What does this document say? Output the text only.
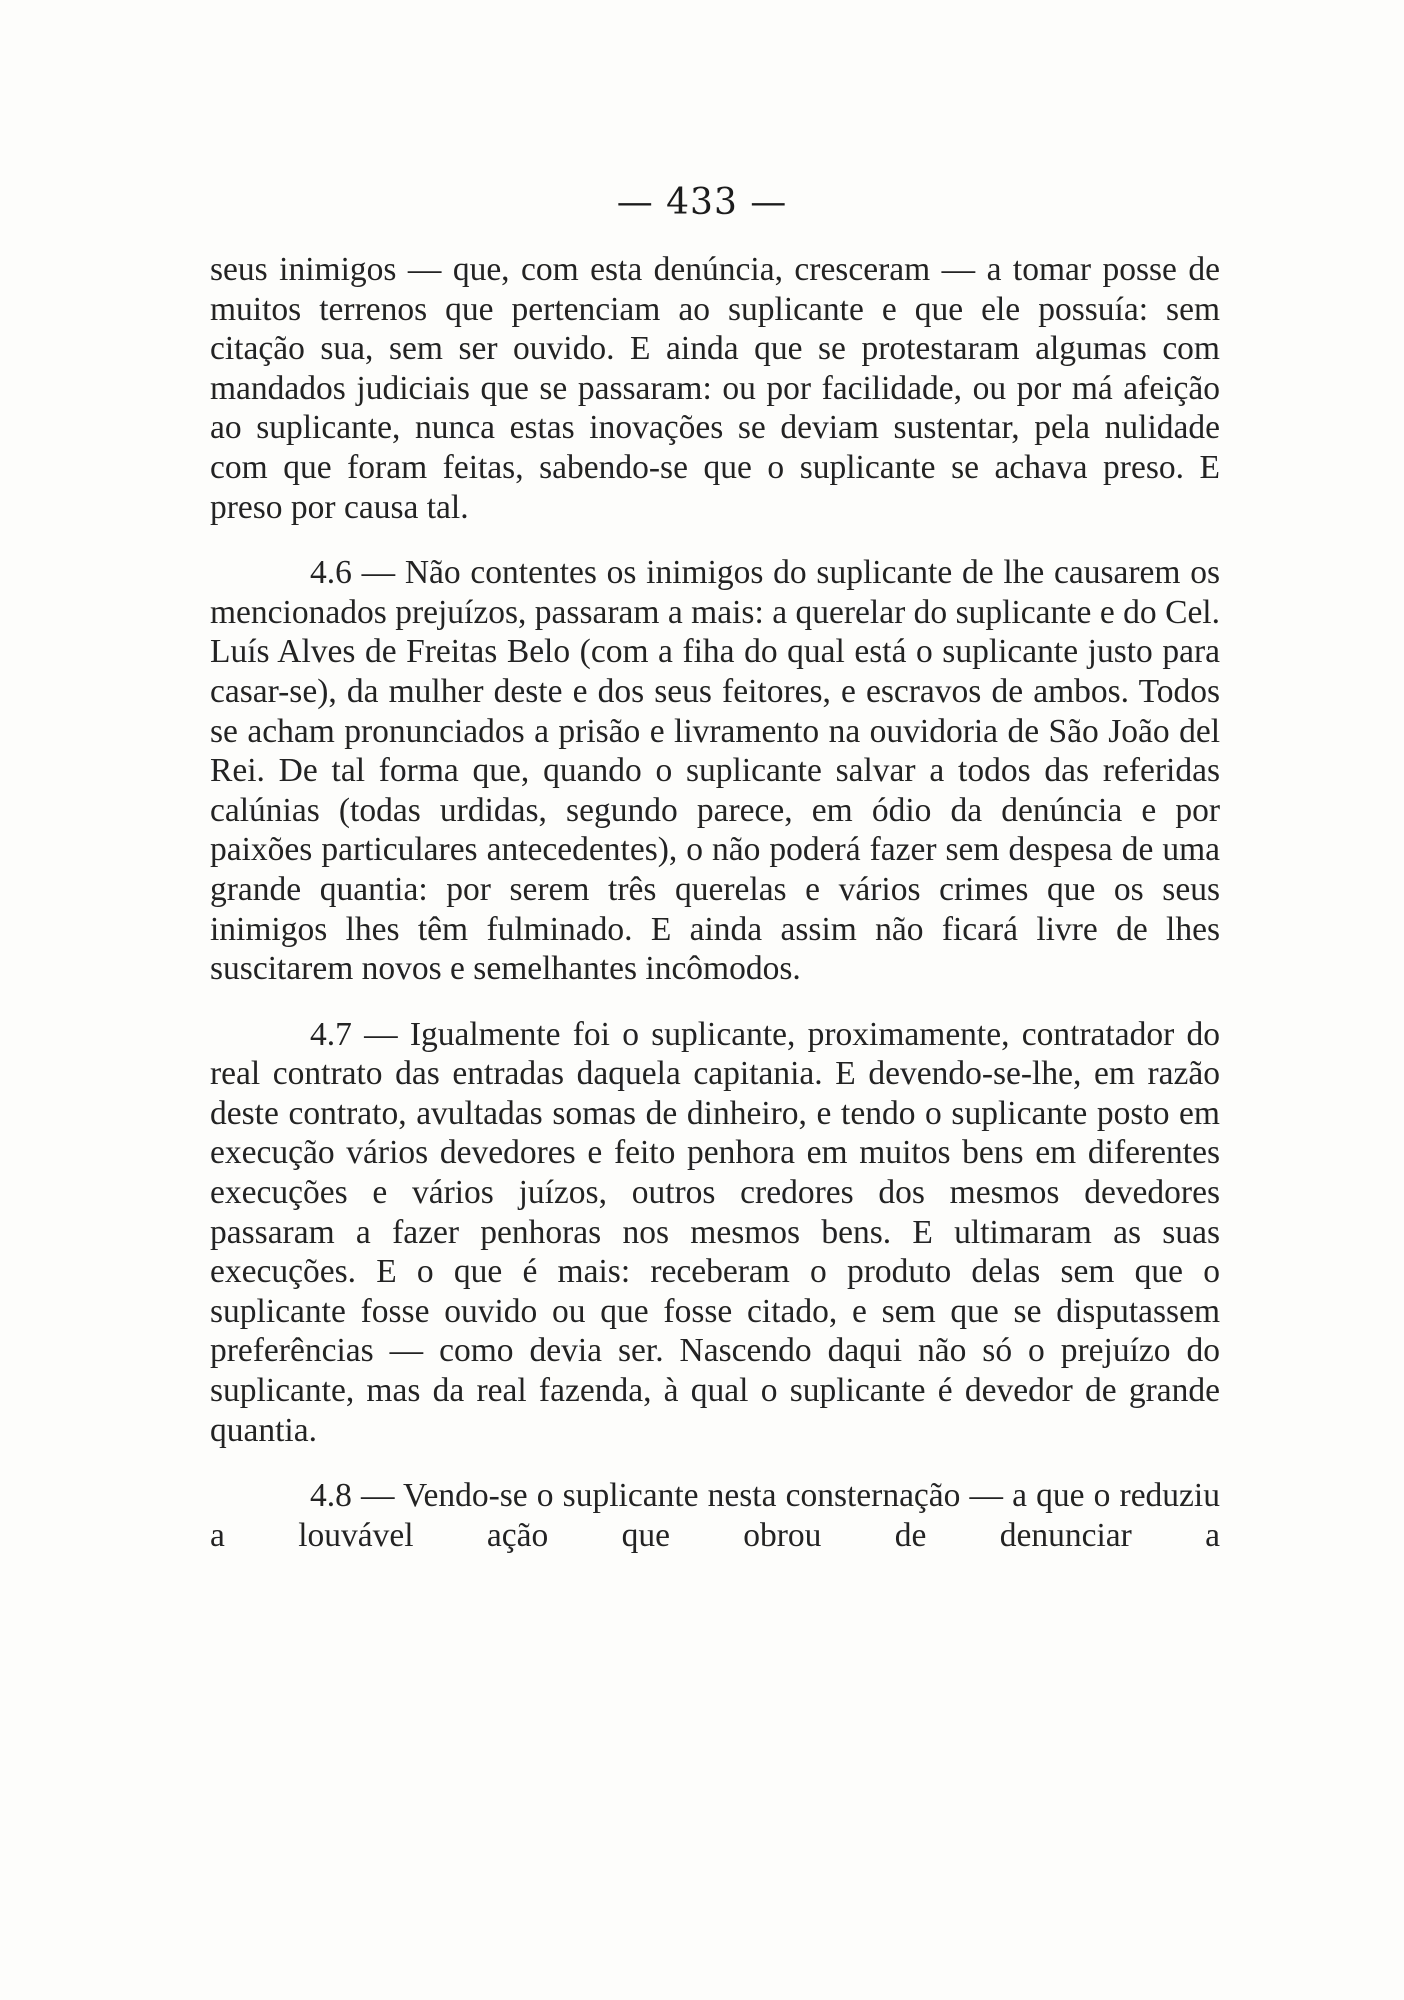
— 433 —

seus inimigos — que, com esta denúncia, cresceram — a tomar posse de muitos terrenos que pertenciam ao suplicante e que ele possuía: sem citação sua, sem ser ouvido. E ainda que se protestaram algumas com mandados judiciais que se passaram: ou por facilidade, ou por má afeição ao suplicante, nunca estas inovações se deviam sustentar, pela nulidade com que foram feitas, sabendo-se que o suplicante se achava preso. E preso por causa tal.

4.6 — Não contentes os inimigos do suplicante de lhe causarem os mencionados prejuízos, passaram a mais: a querelar do suplicante e do Cel. Luís Alves de Freitas Belo (com a fiha do qual está o suplicante justo para casar-se), da mulher deste e dos seus feitores, e escravos de ambos. Todos se acham pronunciados a prisão e livramento na ouvidoria de São João del Rei. De tal forma que, quando o suplicante salvar a todos das referidas calúnias (todas urdidas, segundo parece, em ódio da denúncia e por paixões particulares antecedentes), o não poderá fazer sem despesa de uma grande quantia: por serem três querelas e vários crimes que os seus inimigos lhes têm fulminado. E ainda assim não ficará livre de lhes suscitarem novos e semelhantes incômodos.

4.7 — Igualmente foi o suplicante, proximamente, contratador do real contrato das entradas daquela capitania. E devendo-se-lhe, em razão deste contrato, avultadas somas de dinheiro, e tendo o suplicante posto em execução vários devedores e feito penhora em muitos bens em diferentes execuções e vários juízos, outros credores dos mesmos devedores passaram a fazer penhoras nos mesmos bens. E ultimaram as suas execuções. E o que é mais: receberam o produto delas sem que o suplicante fosse ouvido ou que fosse citado, e sem que se disputassem preferências — como devia ser. Nascendo daqui não só o prejuízo do suplicante, mas da real fazenda, à qual o suplicante é devedor de grande quantia.

4.8 — Vendo-se o suplicante nesta consternação — a que o reduziu a louvável ação que obrou de denunciar a
